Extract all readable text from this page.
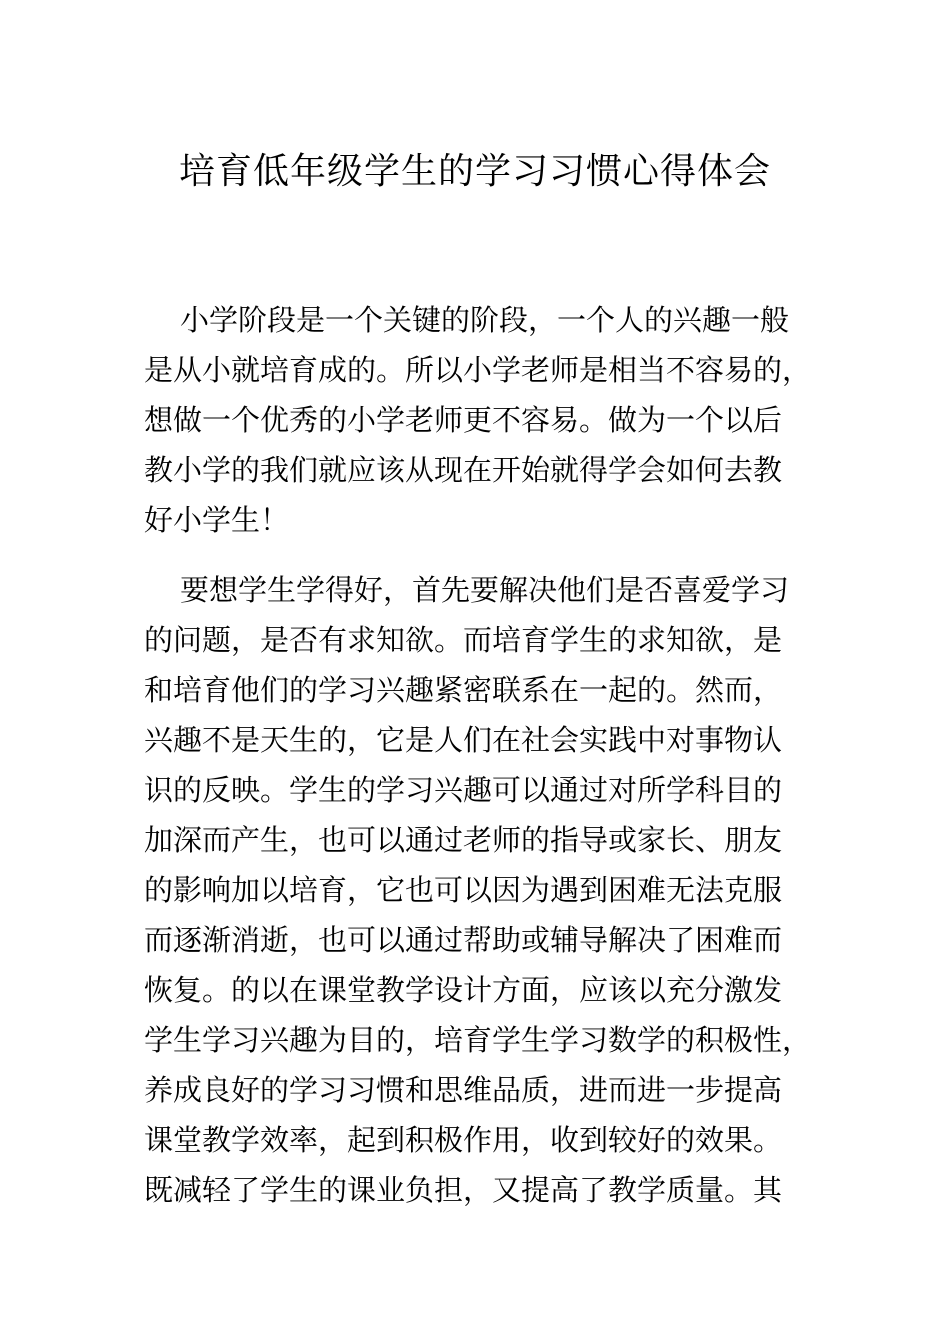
培育低年级学生的学习习惯心得体会

小学阶段是一个关键的阶段，一个人的兴趣一般
是从小就培育成的。所以小学老师是相当不容易的，
想做一个优秀的小学老师更不容易。做为一个以后
教小学的我们就应该从现在开始就得学会如何去教
好小学生！

要想学生学得好，首先要解决他们是否喜爱学习
的问题，是否有求知欲。而培育学生的求知欲，是
和培育他们的学习兴趣紧密联系在一起的。然而，
兴趣不是天生的，它是人们在社会实践中对事物认
识的反映。学生的学习兴趣可以通过对所学科目的
加深而产生，也可以通过老师的指导或家长、朋友
的影响加以培育，它也可以因为遇到困难无法克服
而逐渐消逝，也可以通过帮助或辅导解决了困难而
恢复。的以在课堂教学设计方面，应该以充分激发
学生学习兴趣为目的，培育学生学习数学的积极性，
养成良好的学习习惯和思维品质，进而进一步提高
课堂教学效率，起到积极作用，收到较好的效果。
既减轻了学生的课业负担，又提高了教学质量。其
